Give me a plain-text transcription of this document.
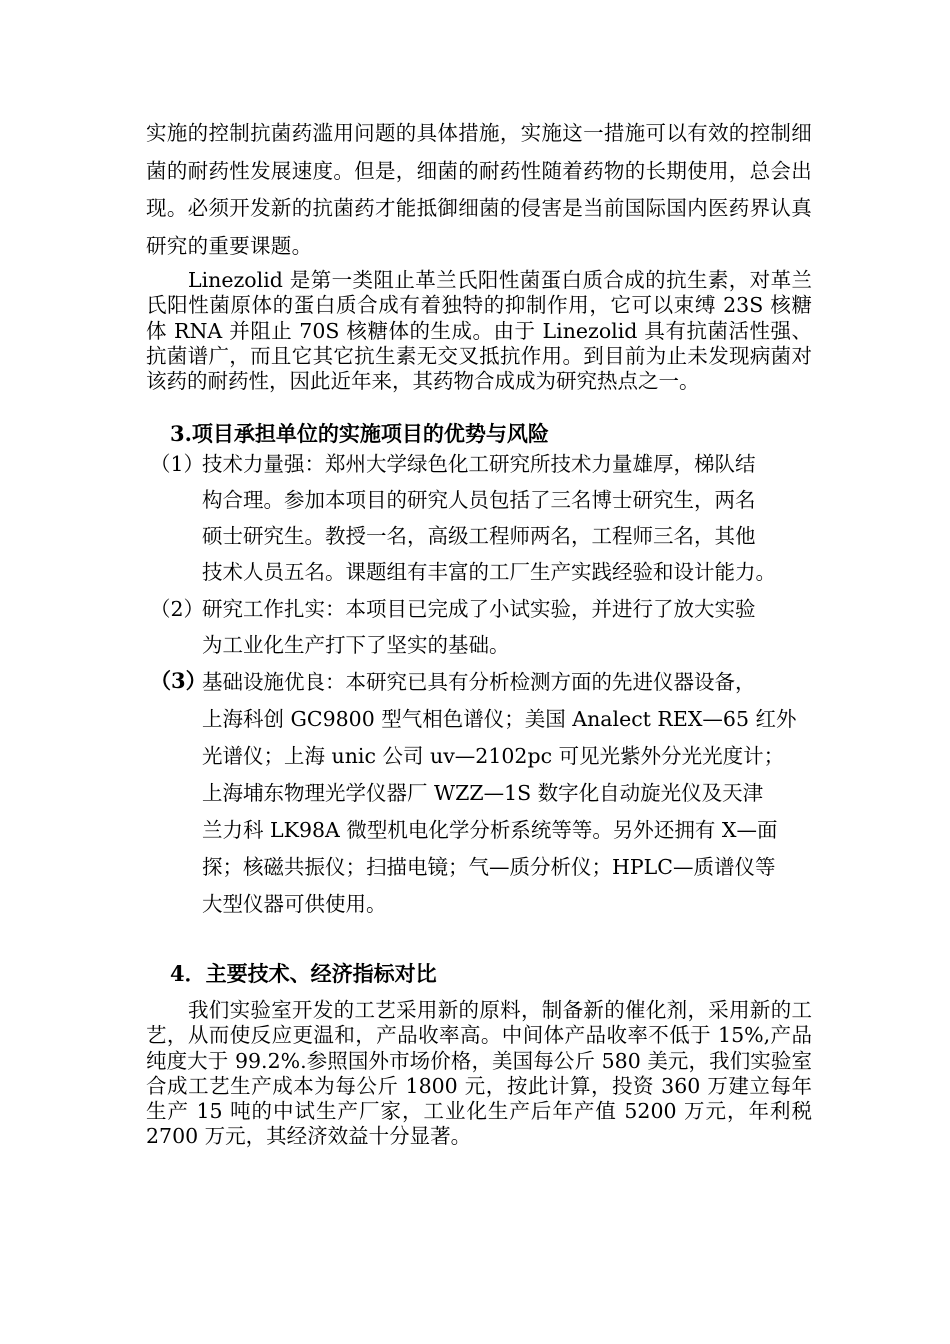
实施的控制抗菌药滥用问题的具体措施，实施这一措施可以有效的控制细菌的耐药性发展速度。但是，细菌的耐药性随着药物的长期使用，总会出现。必须开发新的抗菌药才能抵御细菌的侵害是当前国际国内医药界认真研究的重要课题。

Linezolid 是第一类阻止革兰氏阳性菌蛋白质合成的抗生素，对革兰氏阳性菌原体的蛋白质合成有着独特的抑制作用，它可以束缚 23S 核糖体 RNA 并阻止 70S 核糖体的生成。由于 Linezolid 具有抗菌活性强、抗菌谱广，而且它其它抗生素无交叉抵抗作用。到目前为止未发现病菌对该药的耐药性，因此近年来，其药物合成成为研究热点之一。

3.项目承担单位的实施项目的优势与风险
（1）
技术力量强：郑州大学绿色化工研究所技术力量雄厚，梯队结
构合理。参加本项目的研究人员包括了三名博士研究生，两名
硕士研究生。教授一名，高级工程师两名，工程师三名，其他
技术人员五名。课题组有丰富的工厂生产实践经验和设计能力。
（2）
研究工作扎实：本项目已完成了小试实验，并进行了放大实验
为工业化生产打下了坚实的基础。
（3）
基础设施优良：本研究已具有分析检测方面的先进仪器设备，
上海科创 GC9800 型气相色谱仪；美国 Analect REX—65 红外
光谱仪；上海 unic 公司 uv—2102pc 可见光紫外分光光度计；
上海埔东物理光学仪器厂 WZZ—1S 数字化自动旋光仪及天津
兰力科 LK98A 微型机电化学分析系统等等。另外还拥有 X—面
探；核磁共振仪；扫描电镜；气—质分析仪；HPLC—质谱仪等
大型仪器可供使用。
4．主要技术、经济指标对比

我们实验室开发的工艺采用新的原料，制备新的催化剂，采用新的工艺，从而使反应更温和，产品收率高。中间体产品收率不低于 15%,产品纯度大于 99.2%.参照国外市场价格，美国每公斤 580 美元，我们实验室合成工艺生产成本为每公斤 1800 元，按此计算，投资 360 万建立每年生产 15 吨的中试生产厂家，工业化生产后年产值 5200 万元，年利税 2700 万元，其经济效益十分显著。
